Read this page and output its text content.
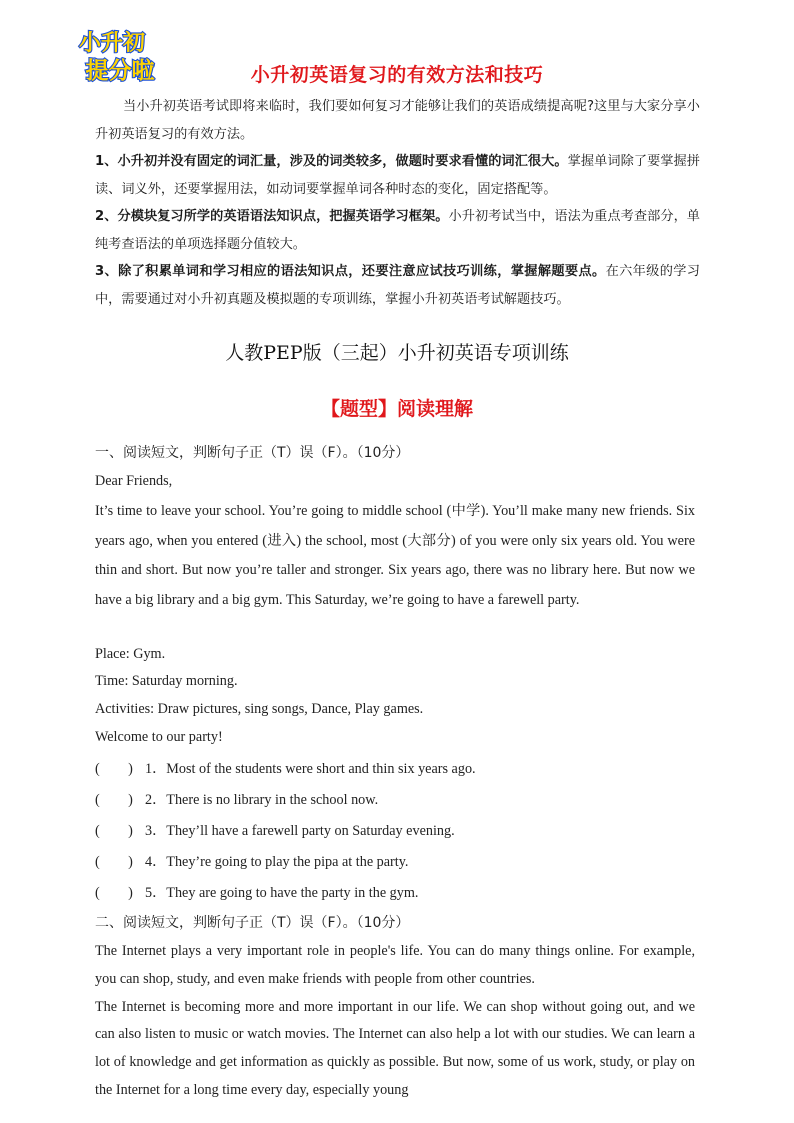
小升初
提分啦	小升初英语复习的有效方法和技巧

当小升初英语考试即将来临时，我们要如何复习才能够让我们的英语成绩提高呢?这里与大家分享小升初英语复习的有效方法。

1、小升初并没有固定的词汇量，涉及的词类较多，做题时要求看懂的词汇很大。掌握单词除了要掌握拼读、词义外，还要掌握用法，如动词要掌握单词各种时态的变化，固定搭配等。

2、分模块复习所学的英语语法知识点，把握英语学习框架。小升初考试当中，语法为重点考查部分，单纯考查语法的单项选择题分值较大。

3、除了积累单词和学习相应的语法知识点，还要注意应试技巧训练，掌握解题要点。在六年级的学习中，需要通过对小升初真题及模拟题的专项训练，掌握小升初英语考试解题技巧。

人教PEP版（三起）小升初英语专项训练
【题型】阅读理解
一、阅读短文，判断句子正（T）误（F）。（10分）
Dear Friends,

It’s time to leave your school. You’re going to middle school (中学). You’ll make many new friends. Six years ago, when you entered (进入) the school, most (大部分) of you were only six years old. You were thin and short. But now you’re taller and stronger. Six years ago, there was no library here. But now we have a big library and a big gym. This Saturday, we’re going to have a farewell party.

Place: Gym.
Time: Saturday morning.
Activities: Draw pictures, sing songs, Dance, Play games.
Welcome to our party!
(　　) 1．Most of the students were short and thin six years ago.
(　　) 2．There is no library in the school now.
(　　) 3．They’ll have a farewell party on Saturday evening.
(　　) 4．They’re going to play the pipa at the party.
(　　) 5．They are going to have the party in the gym.
二、阅读短文，判断句子正（T）误（F）。（10分）

The Internet plays a very important role in people's life. You can do many things online. For example, you can shop, study, and even make friends with people from other countries.
The Internet is becoming more and more important in our life. We can shop without going out, and we can also listen to music or watch movies. The Internet can also help a lot with our studies. We can learn a lot of knowledge and get information as quickly as possible. But now, some of us work, study, or play on the Internet for a long time every day, especially young
